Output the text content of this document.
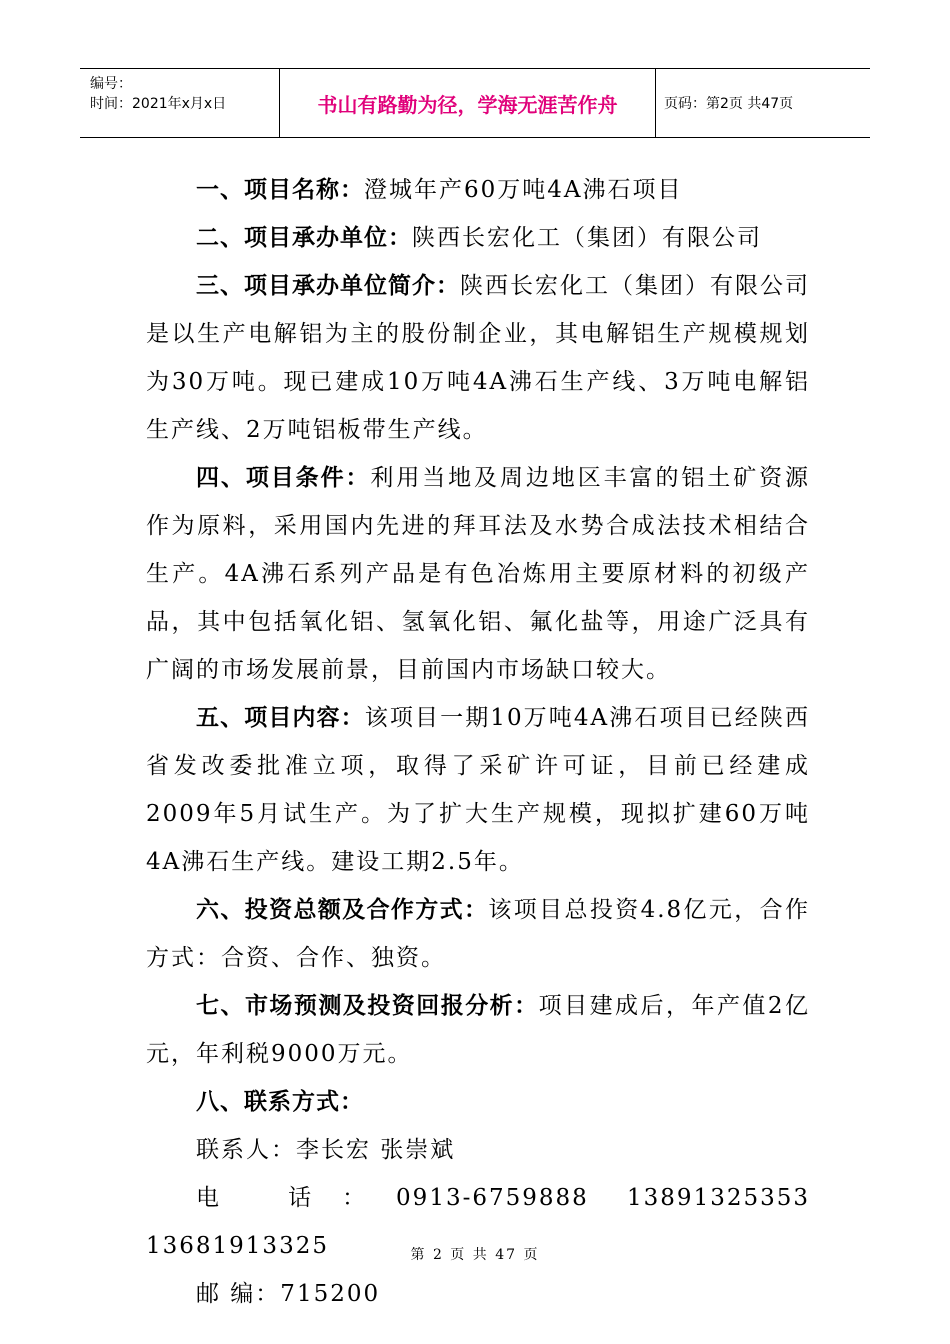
编号：
时间：2021年x月x日	书山有路勤为径，学海无涯苦作舟	页码：第2页 共47页

一、项目名称：澄城年产60万吨4A沸石项目

二、项目承办单位：陕西长宏化工（集团）有限公司

三、项目承办单位简介：陕西长宏化工（集团）有限公司是以生产电解铝为主的股份制企业，其电解铝生产规模规划为30万吨。现已建成10万吨4A沸石生产线、3万吨电解铝生产线、2万吨铝板带生产线。

四、项目条件：利用当地及周边地区丰富的铝土矿资源作为原料，采用国内先进的拜耳法及水势合成法技术相结合生产。4A沸石系列产品是有色冶炼用主要原材料的初级产品，其中包括氧化铝、氢氧化铝、氟化盐等，用途广泛具有广阔的市场发展前景，目前国内市场缺口较大。

五、项目内容：该项目一期10万吨4A沸石项目已经陕西省发改委批准立项，取得了采矿许可证，目前已经建成2009年5月试生产。为了扩大生产规模，现拟扩建60万吨4A沸石生产线。建设工期2.5年。

六、投资总额及合作方式：该项目总投资4.8亿元，合作方式：合资、合作、独资。

七、市场预测及投资回报分析：项目建成后，年产值2亿元，年利税9000万元。

八、联系方式：

联系人：李长宏 张崇斌

电 话：0913-6759888 13891325353 13681913325

邮 编：715200

第 2 页 共 47 页
